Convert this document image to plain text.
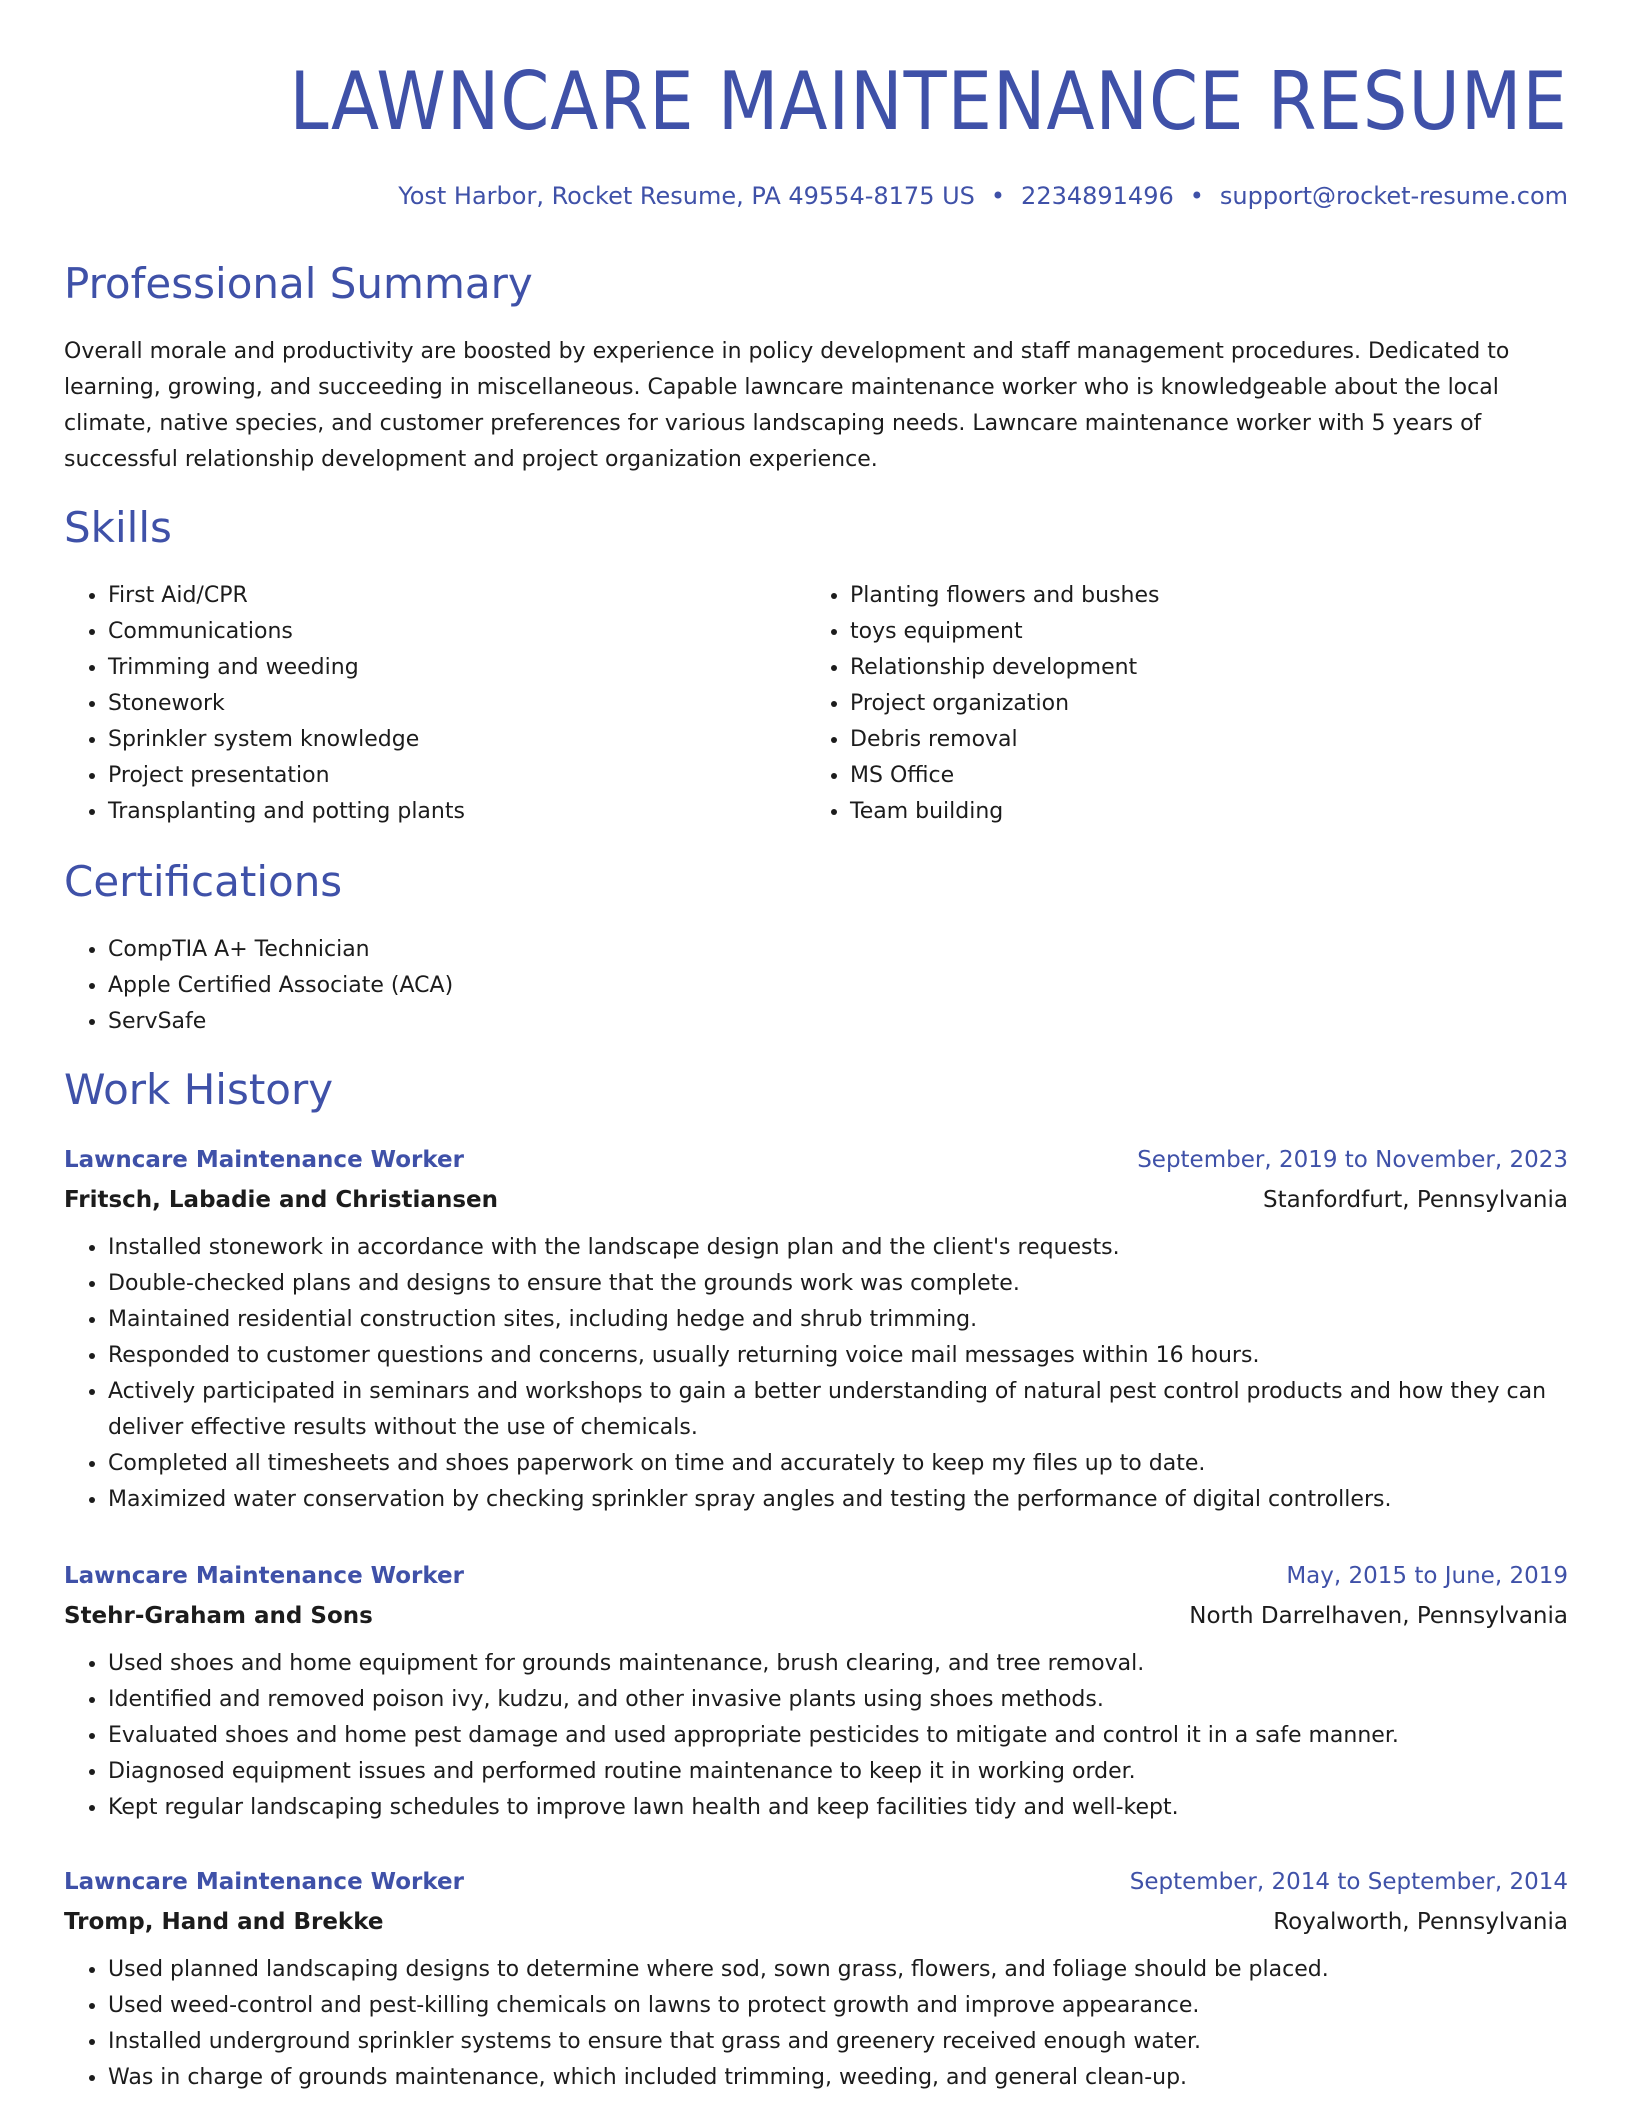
LAWNCARE MAINTENANCE RESUME
Yost Harbor, Rocket Resume, PA 49554-8175 US • 2234891496 • support@rocket-resume.com
Professional Summary

Overall morale and productivity are boosted by experience in policy development and staff management procedures. Dedicated to learning, growing, and succeeding in miscellaneous. Capable lawncare maintenance worker who is knowledgeable about the local climate, native species, and customer preferences for various landscaping needs. Lawncare maintenance worker with 5 years of successful relationship development and project organization experience.

Skills
• First Aid/CPR
• Communications
• Trimming and weeding
• Stonework
• Sprinkler system knowledge
• Project presentation
• Transplanting and potting plants
• Planting flowers and bushes
• toys equipment
• Relationship development
• Project organization
• Debris removal
• MS Office
• Team building
Certifications
• CompTIA A+ Technician
• Apple Certified Associate (ACA)
• ServSafe
Work History
Lawncare Maintenance Worker	September, 2019 to November, 2023
Fritsch, Labadie and Christiansen	Stanfordfurt, Pennsylvania
• Installed stonework in accordance with the landscape design plan and the client's requests.
• Double-checked plans and designs to ensure that the grounds work was complete.
• Maintained residential construction sites, including hedge and shrub trimming.
• Responded to customer questions and concerns, usually returning voice mail messages within 16 hours.
• Actively participated in seminars and workshops to gain a better understanding of natural pest control products and how they can deliver effective results without the use of chemicals.
• Completed all timesheets and shoes paperwork on time and accurately to keep my files up to date.
• Maximized water conservation by checking sprinkler spray angles and testing the performance of digital controllers.
Lawncare Maintenance Worker	May, 2015 to June, 2019
Stehr-Graham and Sons	North Darrelhaven, Pennsylvania
• Used shoes and home equipment for grounds maintenance, brush clearing, and tree removal.
• Identified and removed poison ivy, kudzu, and other invasive plants using shoes methods.
• Evaluated shoes and home pest damage and used appropriate pesticides to mitigate and control it in a safe manner.
• Diagnosed equipment issues and performed routine maintenance to keep it in working order.
• Kept regular landscaping schedules to improve lawn health and keep facilities tidy and well-kept.
Lawncare Maintenance Worker	September, 2014 to September, 2014
Tromp, Hand and Brekke	Royalworth, Pennsylvania
• Used planned landscaping designs to determine where sod, sown grass, flowers, and foliage should be placed.
• Used weed-control and pest-killing chemicals on lawns to protect growth and improve appearance.
• Installed underground sprinkler systems to ensure that grass and greenery received enough water.
• Was in charge of grounds maintenance, which included trimming, weeding, and general clean-up.
